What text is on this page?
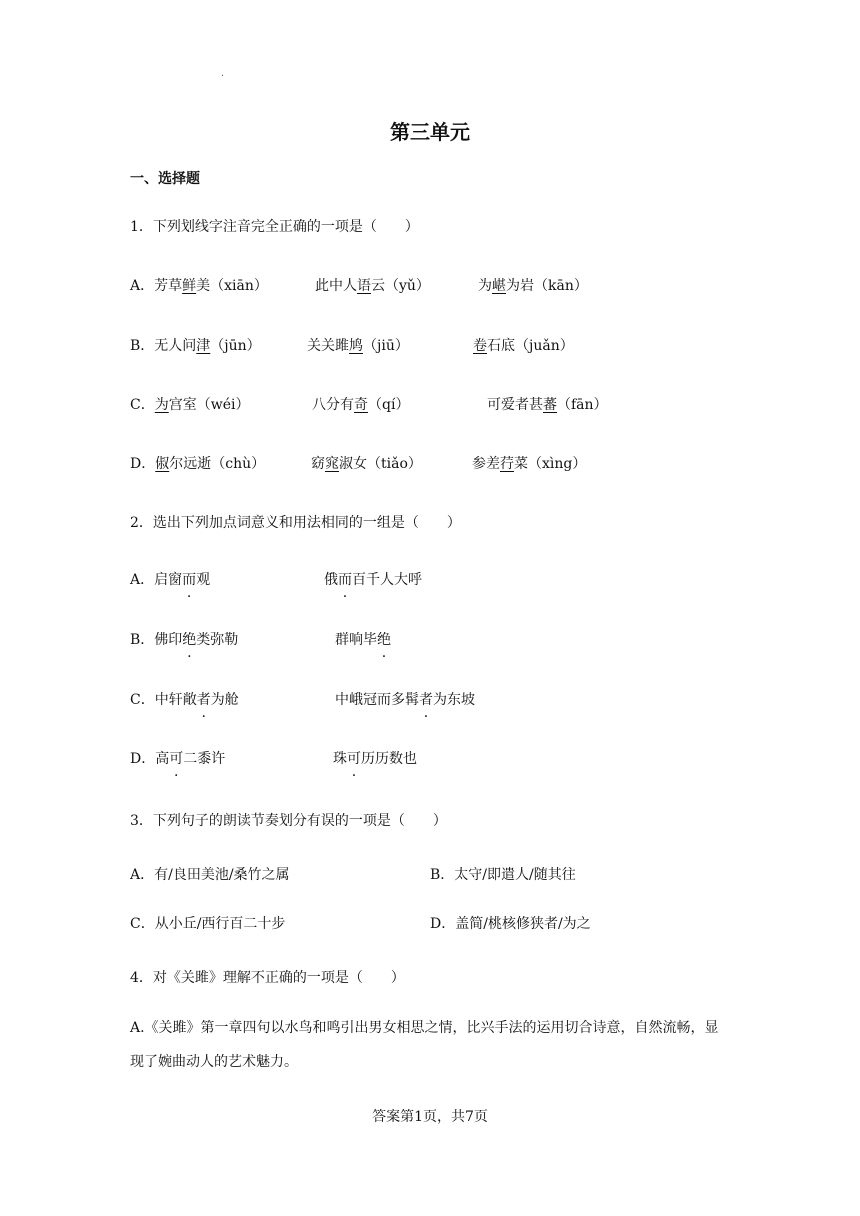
.
第三单元
一、选择题
1．下列划线字注音完全正确的一项是（　　）
A．芳草鲜美（xiān）	此中人语云（yǔ）	为嵁为岩（kān）
B．无人问津（jūn）	关关雎鸠（jiū）	卷石底（juǎn）
C．为宫室（wéi）	八分有奇（qí）	可爱者甚蕃（fān）
D．俶尔远逝（chù）	窈窕淑女（tiǎo）	参差荇菜（xìng）
2．选出下列加点词意义和用法相同的一组是（　　）
A．启窗而观	俄而百千人大呼
B．佛印绝类弥勒	群响毕绝
C．中轩敞者为舱	中峨冠而多髯者为东坡
D．高可二黍许	珠可历历数也
3．下列句子的朗读节奏划分有误的一项是（　　）
A．有/良田美池/桑竹之属	B．太守/即遣人/随其往
C．从小丘/西行百二十步	D．盖简/桃核修狭者/为之
4．对《关雎》理解不正确的一项是（　　）
A.《关雎》第一章四句以水鸟和鸣引出男女相思之情，比兴手法的运用切合诗意，自然流畅，显现了婉曲动人的艺术魅力。
答案第1页，共7页
